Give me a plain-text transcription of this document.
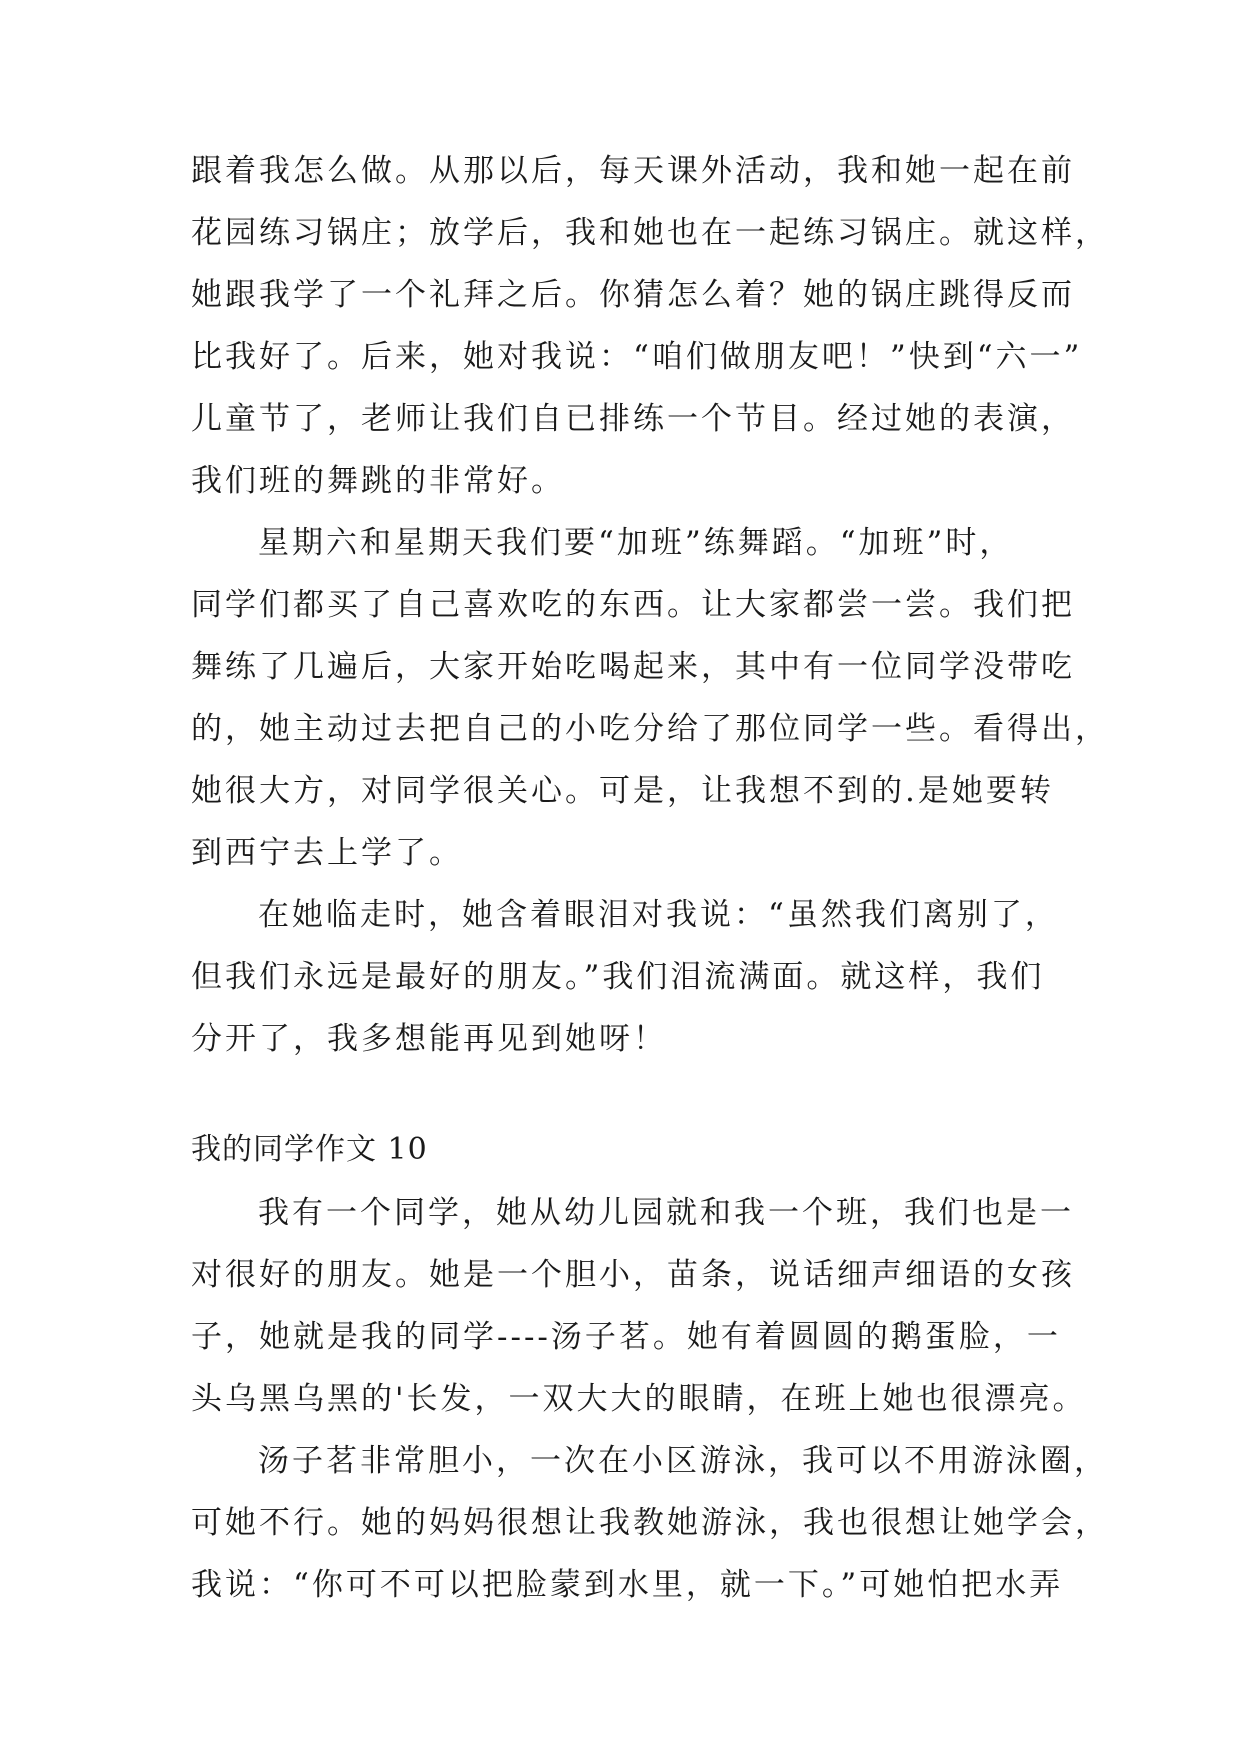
跟着我怎么做。从那以后，每天课外活动，我和她一起在前
花园练习锅庄；放学后，我和她也在一起练习锅庄。就这样，
她跟我学了一个礼拜之后。你猜怎么着？她的锅庄跳得反而
比我好了。后来，她对我说：“咱们做朋友吧！”快到“六一”
儿童节了，老师让我们自已排练一个节目。经过她的表演，
我们班的舞跳的非常好。
星期六和星期天我们要“加班”练舞蹈。“加班”时，
同学们都买了自己喜欢吃的东西。让大家都尝一尝。我们把
舞练了几遍后，大家开始吃喝起来，其中有一位同学没带吃
的，她主动过去把自己的小吃分给了那位同学一些。看得出，
她很大方，对同学很关心。可是，让我想不到的.是她要转
到西宁去上学了。
在她临走时，她含着眼泪对我说：“虽然我们离别了，
但我们永远是最好的朋友。”我们泪流满面。就这样，我们
分开了，我多想能再见到她呀！
我的同学作文 10
我有一个同学，她从幼儿园就和我一个班，我们也是一
对很好的朋友。她是一个胆小，苗条，说话细声细语的女孩
子，她就是我的同学----汤子茗。她有着圆圆的鹅蛋脸，一
头乌黑乌黑的'长发，一双大大的眼睛，在班上她也很漂亮。
汤子茗非常胆小，一次在小区游泳，我可以不用游泳圈，
可她不行。她的妈妈很想让我教她游泳，我也很想让她学会，
我说：“你可不可以把脸蒙到水里，就一下。”可她怕把水弄
